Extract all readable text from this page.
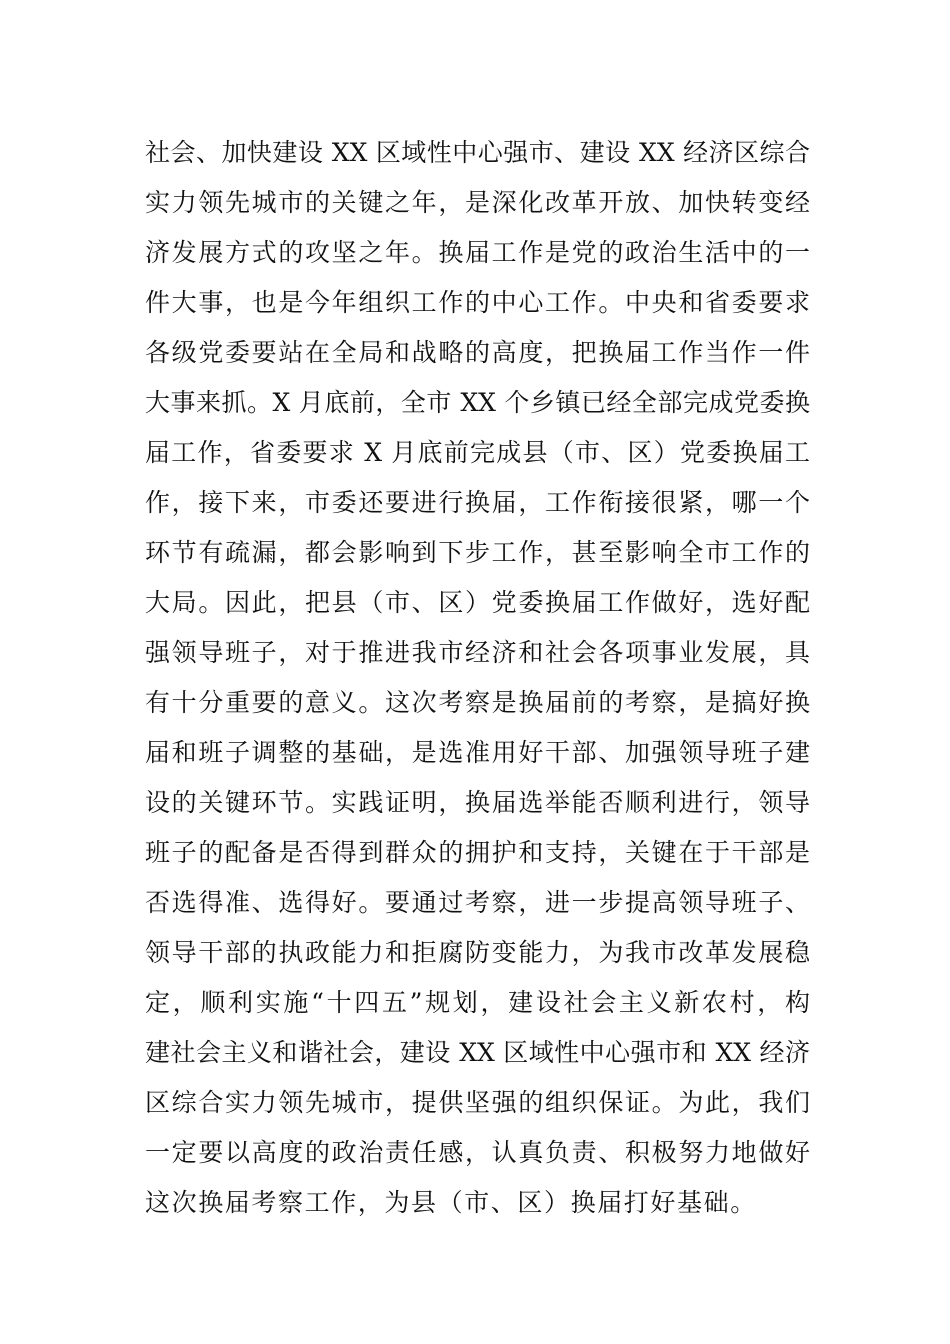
社会、加快建设 XX 区域性中心强市、建设 XX 经济区综合
实力领先城市的关键之年，是深化改革开放、加快转变经
济发展方式的攻坚之年。换届工作是党的政治生活中的一
件大事，也是今年组织工作的中心工作。中央和省委要求
各级党委要站在全局和战略的高度，把换届工作当作一件
大事来抓。X 月底前，全市 XX 个乡镇已经全部完成党委换
届工作，省委要求 X 月底前完成县（市、区）党委换届工
作，接下来，市委还要进行换届，工作衔接很紧，哪一个
环节有疏漏，都会影响到下步工作，甚至影响全市工作的
大局。因此，把县（市、区）党委换届工作做好，选好配
强领导班子，对于推进我市经济和社会各项事业发展，具
有十分重要的意义。这次考察是换届前的考察，是搞好换
届和班子调整的基础，是选准用好干部、加强领导班子建
设的关键环节。实践证明，换届选举能否顺利进行，领导
班子的配备是否得到群众的拥护和支持，关键在于干部是
否选得准、选得好。要通过考察，进一步提高领导班子、
领导干部的执政能力和拒腐防变能力，为我市改革发展稳
定，顺利实施“十四五”规划，建设社会主义新农村，构
建社会主义和谐社会，建设 XX 区域性中心强市和 XX 经济
区综合实力领先城市，提供坚强的组织保证。为此，我们
一定要以高度的政治责任感，认真负责、积极努力地做好
这次换届考察工作，为县（市、区）换届打好基础。
